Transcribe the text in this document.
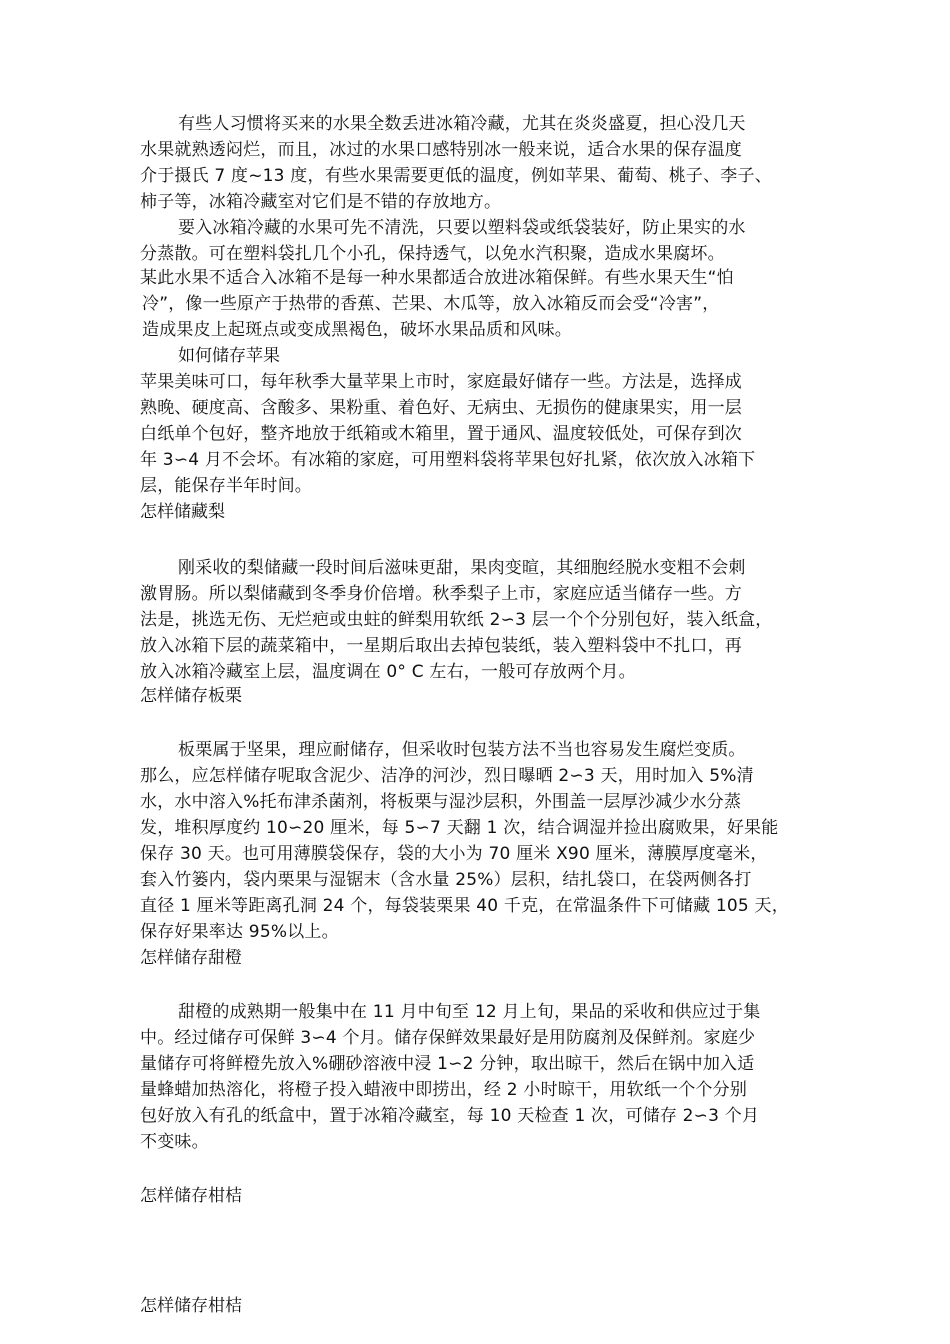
有些人习惯将买来的水果全数丢进冰箱冷藏，尤其在炎炎盛夏，担心没几天

水果就熟透闷烂，而且，冰过的水果口感特别冰一般来说，适合水果的保存温度

介于摄氏 7 度~13 度，有些水果需要更低的温度，例如苹果、葡萄、桃子、李子、

柿子等，冰箱冷藏室对它们是不错的存放地方。

要入冰箱冷藏的水果可先不清洗，只要以塑料袋或纸袋装好，防止果实的水

分蒸散。可在塑料袋扎几个小孔，保持透气，以免水汽积聚，造成水果腐坏。

某此水果不适合入冰箱不是每一种水果都适合放进冰箱保鲜。有些水果天生“怕

冷”，像一些原产于热带的香蕉、芒果、木瓜等，放入冰箱反而会受“冷害”，

造成果皮上起斑点或变成黑褐色，破坏水果品质和风味。

如何储存苹果

苹果美味可口，每年秋季大量苹果上市时，家庭最好储存一些。方法是，选择成

熟晚、硬度高、含酸多、果粉重、着色好、无病虫、无损伤的健康果实，用一层

白纸单个包好，整齐地放于纸箱或木箱里，置于通风、温度较低处，可保存到次

年 3∽4 月不会坏。有冰箱的家庭，可用塑料袋将苹果包好扎紧，依次放入冰箱下

层，能保存半年时间。

怎样储藏梨

刚采收的梨储藏一段时间后滋味更甜，果肉变暄，其细胞经脱水变粗不会刺

激胃肠。所以梨储藏到冬季身价倍增。秋季梨子上市，家庭应适当储存一些。方

法是，挑选无伤、无烂疤或虫蛀的鲜梨用软纸 2∽3 层一个个分别包好，装入纸盒，

放入冰箱下层的蔬菜箱中，一星期后取出去掉包装纸，装入塑料袋中不扎口，再

放入冰箱冷藏室上层，温度调在 0° C 左右，一般可存放两个月。

怎样储存板栗

板栗属于坚果，理应耐储存，但采收时包装方法不当也容易发生腐烂变质。

那么，应怎样储存呢取含泥少、洁净的河沙，烈日曝晒 2∽3 天，用时加入 5%清

水，水中溶入%托布津杀菌剂，将板栗与湿沙层积，外围盖一层厚沙减少水分蒸

发，堆积厚度约 10∽20 厘米，每 5∽7 天翻 1 次，结合调湿并捡出腐败果，好果能

保存 30 天。也可用薄膜袋保存，袋的大小为 70 厘米 X90 厘米，薄膜厚度毫米，

套入竹篓内，袋内栗果与湿锯末（含水量 25%）层积，结扎袋口，在袋两侧各打

直径 1 厘米等距离孔洞 24 个，每袋装栗果 40 千克，在常温条件下可储藏 105 天，

保存好果率达 95%以上。

怎样储存甜橙

甜橙的成熟期一般集中在 11 月中旬至 12 月上旬，果品的采收和供应过于集

中。经过储存可保鲜 3∽4 个月。储存保鲜效果最好是用防腐剂及保鲜剂。家庭少

量储存可将鲜橙先放入%硼砂溶液中浸 1∽2 分钟，取出晾干，然后在锅中加入适

量蜂蜡加热溶化，将橙子投入蜡液中即捞出，经 2 小时晾干，用软纸一个个分别

包好放入有孔的纸盒中，置于冰箱冷藏室，每 10 天检查 1 次，可储存 2∽3 个月

不变味。

怎样储存柑桔

怎样储存柑桔
